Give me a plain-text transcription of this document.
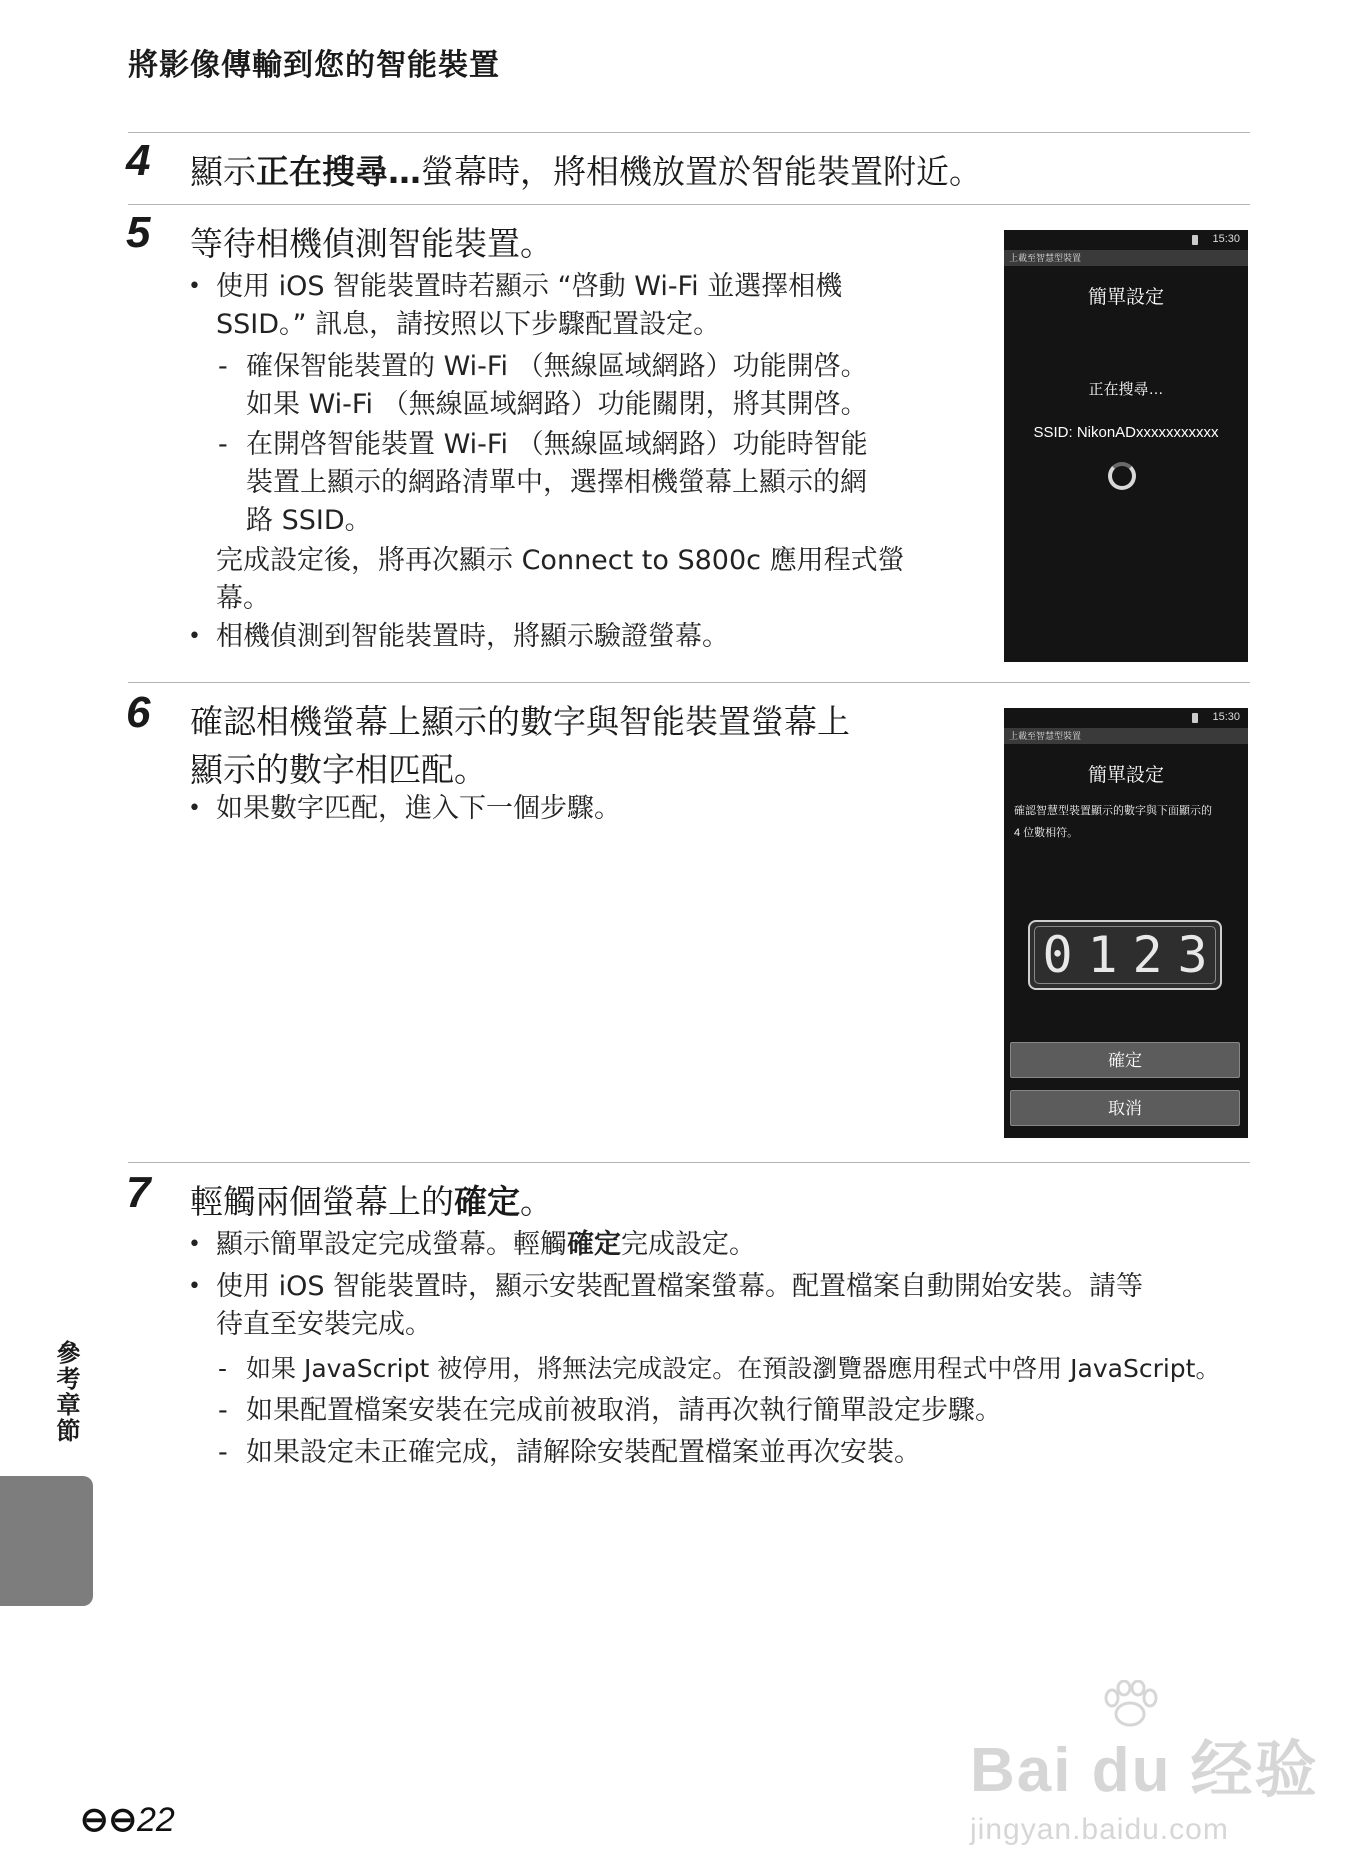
將影像傳輸到您的智能裝置
4 顯示正在搜尋…螢幕時，將相機放置於智能裝置附近。
5 等待相機偵測智能裝置。
• 使用 iOS 智能裝置時若顯示 “啓動 Wi-Fi 並選擇相機
SSID。” 訊息，請按照以下步驟配置設定。
- 確保智能裝置的 Wi-Fi （無線區域網路）功能開啓。
如果 Wi-Fi （無線區域網路）功能關閉，將其開啓。
- 在開啓智能裝置 Wi-Fi （無線區域網路）功能時智能
裝置上顯示的網路清單中，選擇相機螢幕上顯示的網
路 SSID。
完成設定後，將再次顯示 Connect to S800c 應用程式螢
幕。
• 相機偵測到智能裝置時，將顯示驗證螢幕。
15:30
上載至智慧型裝置
簡單設定
正在搜尋…
SSID: NikonADxxxxxxxxxxx
6 確認相機螢幕上顯示的數字與智能裝置螢幕上
顯示的數字相匹配。
• 如果數字匹配，進入下一個步驟。
15:30
上載至智慧型裝置
簡單設定
確認智慧型裝置顯示的數字與下面顯示的
4 位數相符。
0 1 2 3
確定
取消
7 輕觸兩個螢幕上的確定。
• 顯示簡單設定完成螢幕。輕觸確定完成設定。
• 使用 iOS 智能裝置時，顯示安裝配置檔案螢幕。配置檔案自動開始安裝。請等
待直至安裝完成。
- 如果 JavaScript 被停用，將無法完成設定。在預設瀏覽器應用程式中啓用 JavaScript。
- 如果配置檔案安裝在完成前被取消，請再次執行簡單設定步驟。
- 如果設定未正確完成，請解除安裝配置檔案並再次安裝。
參考章節
⊖⊖22
Bai du 经验
jingyan.baidu.com
